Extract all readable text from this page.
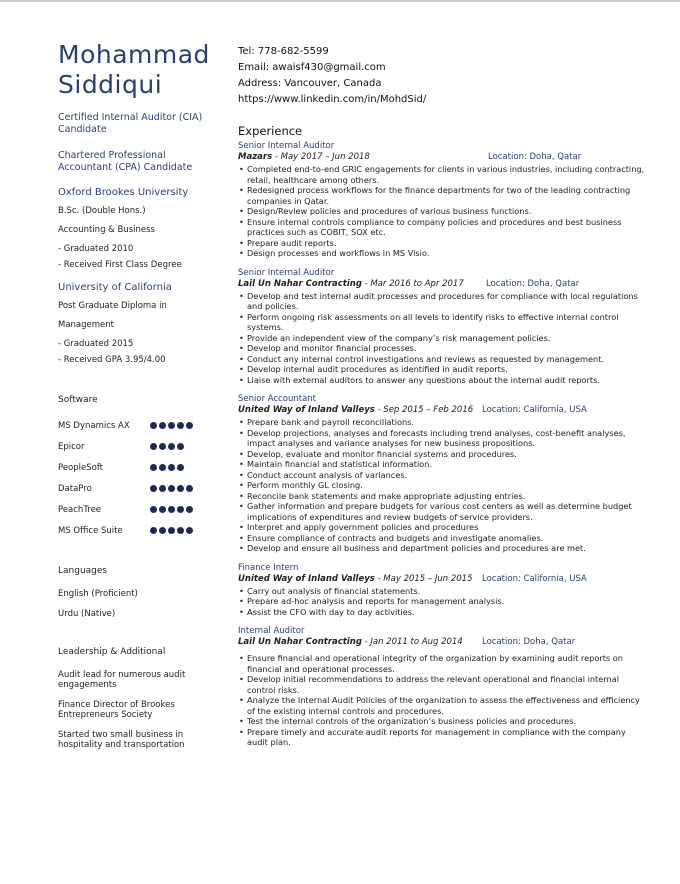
Mohammad
Siddiqui
Certified Internal Auditor (CIA) Candidate
Chartered Professional Accountant (CPA) Candidate
Oxford Brookes University
B.Sc. (Double Hons.)
Accounting & Business
- Graduated 2010
- Received First Class Degree
University of California
Post Graduate Diploma in
Management
- Graduated 2015
- Received GPA 3.95/4.00
Software
MS Dynamics AX
Epicor
PeopleSoft
DataPro
PeachTree
MS Office Suite
Languages
English (Proficient)
Urdu (Native)
Leadership & Additional
Audit lead for numerous audit engagements
Finance Director of Brookes Entrepreneurs Society
Started two small business in hospitality and transportation
Tel: 778-682-5599
Email: awaisf430@gmail.com
Address: Vancouver, Canada
https://www.linkedin.com/in/MohdSid/
Experience
Senior Internal Auditor
Mazars - May 2017 – Jun 2018	Location: Doha, Qatar
• Completed end-to-end GRIC engagements for clients in various industries, including contracting, retail, healthcare among others.
• Redesigned process workflows for the finance departments for two of the leading contracting companies in Qatar.
• Design/Review policies and procedures of various business functions.
• Ensure internal controls compliance to company policies and procedures and best business practices such as COBIT, SOX etc.
• Prepare audit reports.
• Design processes and workflows in MS Visio.
Senior Internal Auditor
Lail Un Nahar Contracting - Mar 2016 to Apr 2017	Location: Doha, Qatar
• Develop and test internal audit processes and procedures for compliance with local regulations and policies.
• Perform ongoing risk assessments on all levels to identify risks to effective internal control systems.
• Provide an independent view of the company’s risk management policies.
• Develop and monitor financial processes.
• Conduct any internal control investigations and reviews as requested by management.
• Develop internal audit procedures as identified in audit reports.
• Liaise with external auditors to answer any questions about the internal audit reports.
Senior Accountant
United Way of Inland Valleys - Sep 2015 – Feb 2016 Location: California, USA
• Prepare bank and payroll reconciliations.
• Develop projections, analyses and forecasts including trend analyses, cost-benefit analyses, impact analyses and variance analyses for new business propositions.
• Develop, evaluate and monitor financial systems and procedures.
• Maintain financial and statistical information.
• Conduct account analysis of variances.
• Perform monthly GL closing.
• Reconcile bank statements and make appropriate adjusting entries.
• Gather information and prepare budgets for various cost centers as well as determine budget implications of expenditures and review budgets of service providers.
• Interpret and apply government policies and procedures
• Ensure compliance of contracts and budgets and investigate anomalies.
• Develop and ensure all business and department policies and procedures are met.
Finance Intern
United Way of Inland Valleys - May 2015 – Jun 2015 Location: California, USA
• Carry out analysis of financial statements.
• Prepare ad-hoc analysis and reports for management analysis.
• Assist the CFO with day to day activities.
Internal Auditor
Lail Un Nahar Contracting - Jan 2011 to Aug 2014 Location: Doha, Qatar
• Ensure financial and operational integrity of the organization by examining audit reports on financial and operational processes.
• Develop initial recommendations to address the relevant operational and financial internal control risks.
• Analyze the Internal Audit Policies of the organization to assess the effectiveness and efficiency of the existing internal controls and procedures.
• Test the internal controls of the organization’s business policies and procedures.
• Prepare timely and accurate audit reports for management in compliance with the company audit plan.
